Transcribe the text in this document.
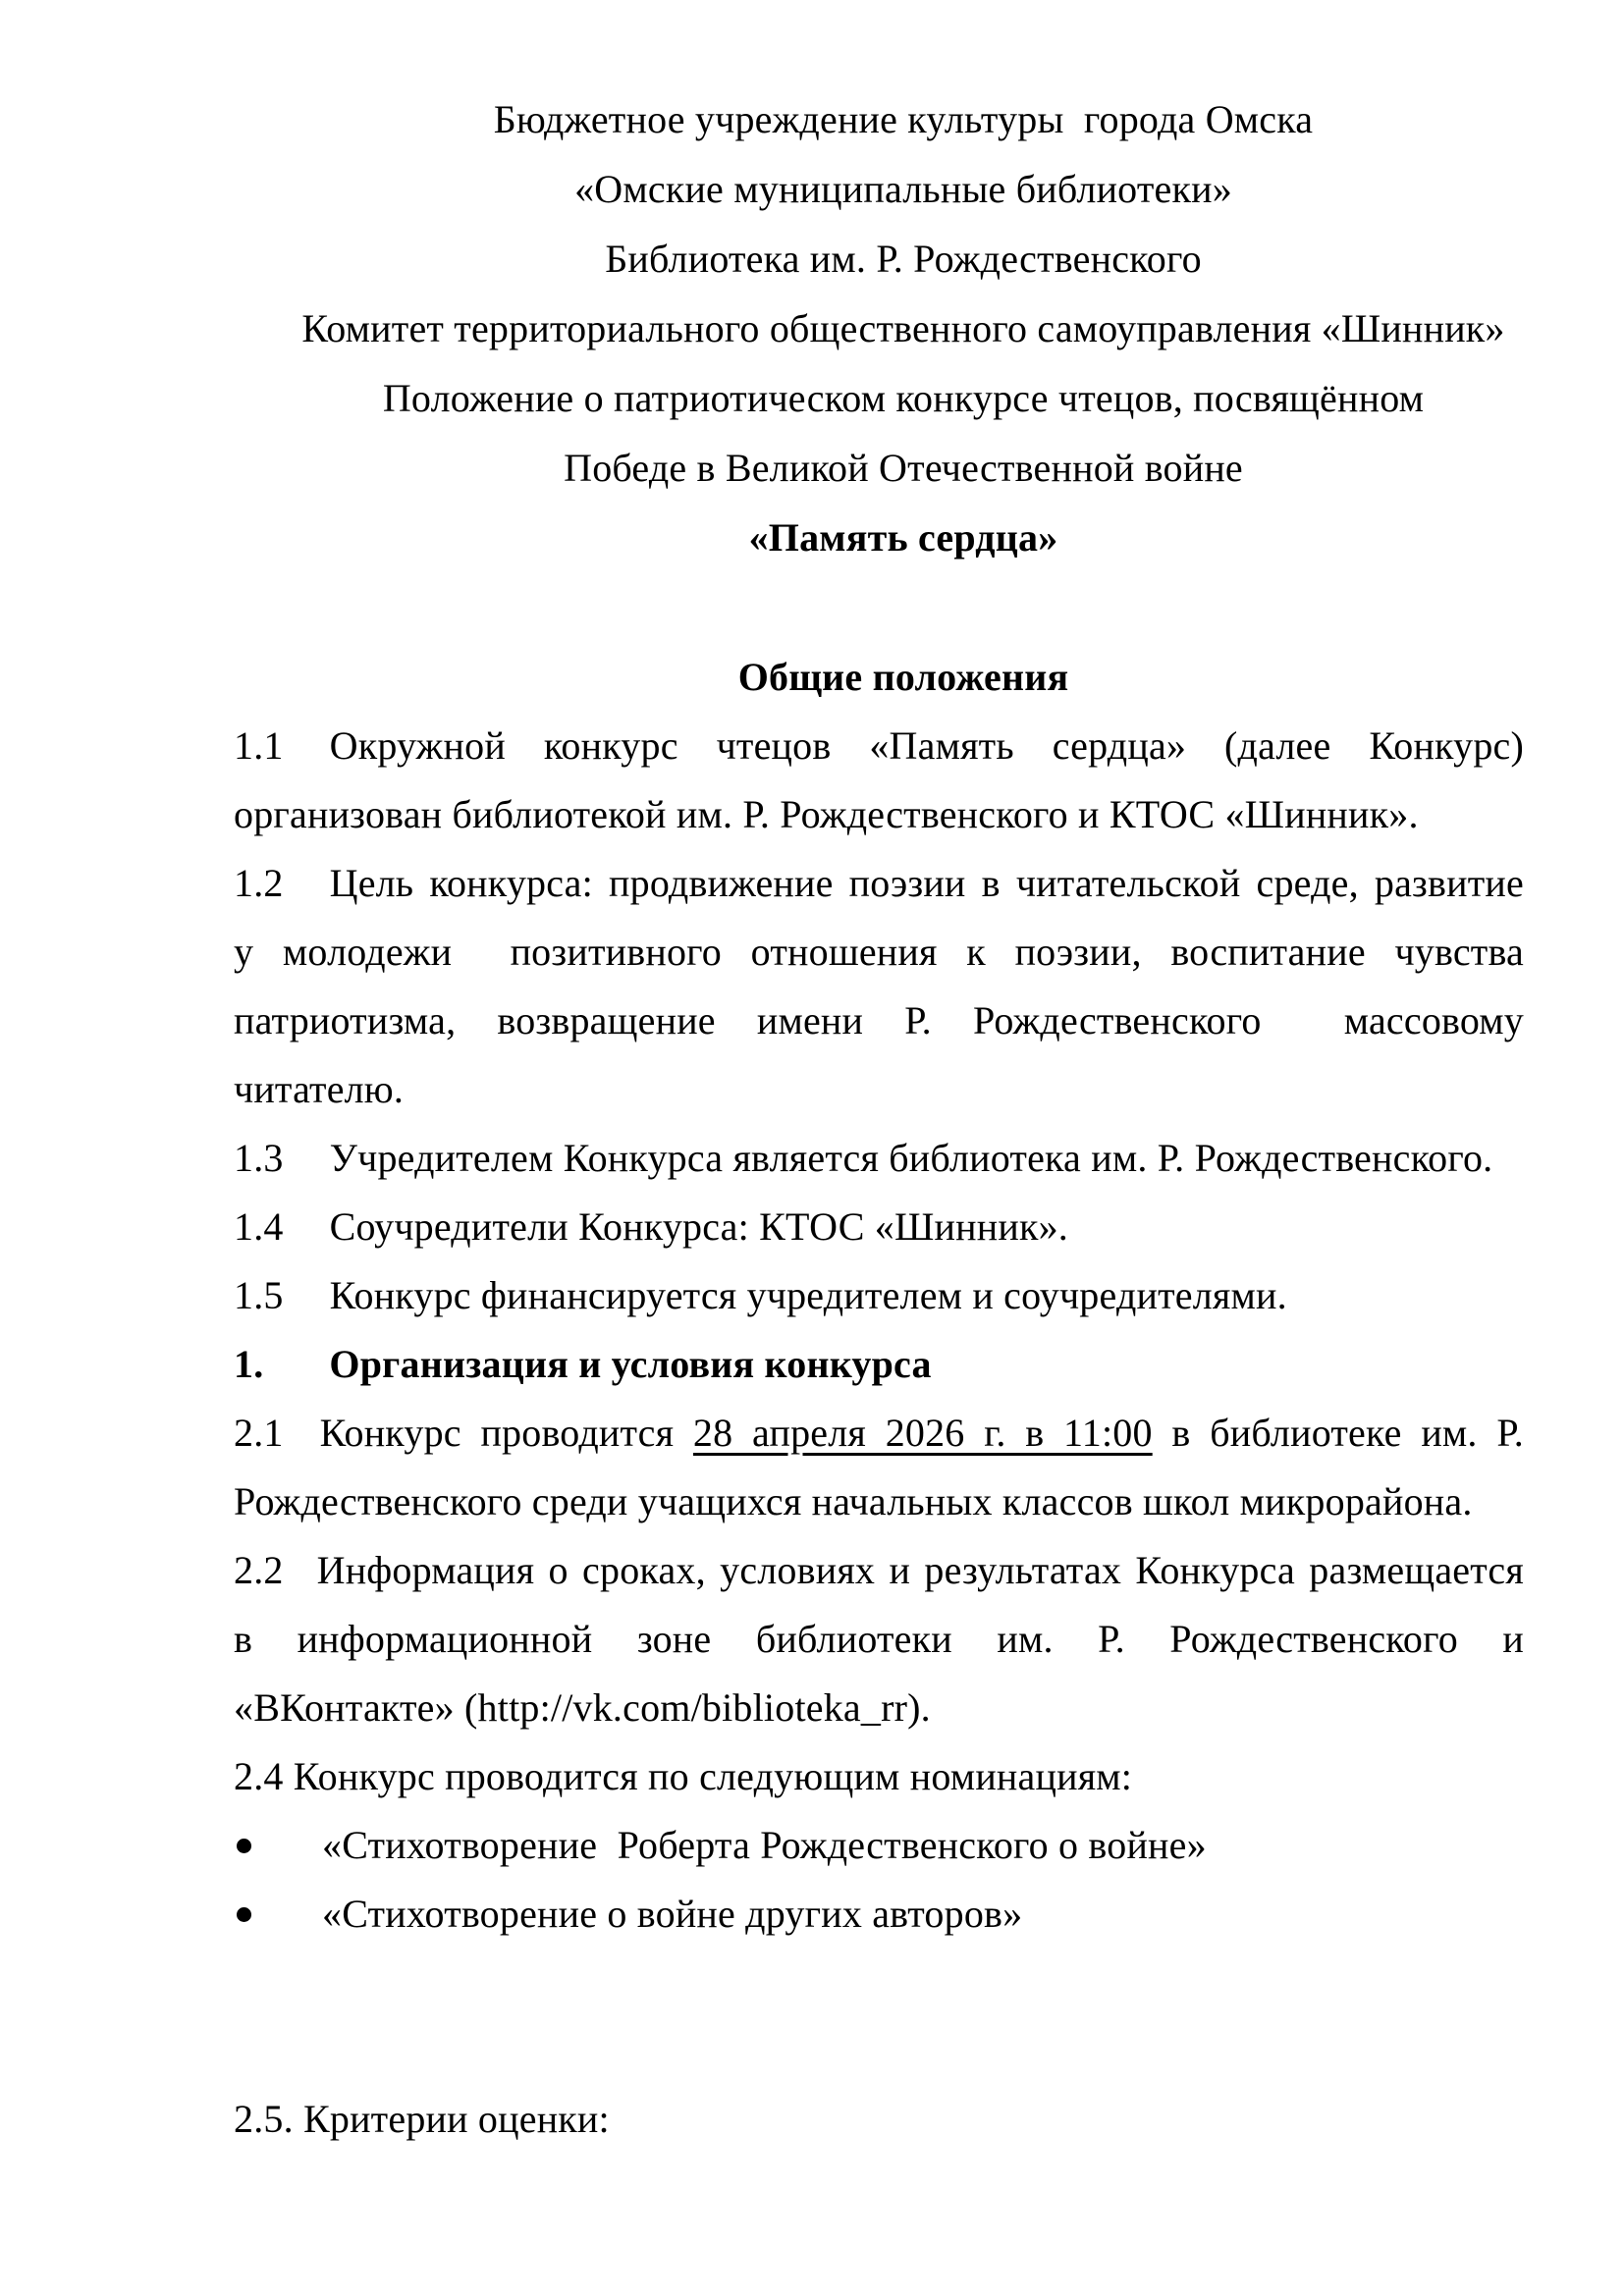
Бюджетное учреждение культуры  города Омска
«Омские муниципальные библиотеки»
Библиотека им. Р. Рождественского
Комитет территориального общественного самоуправления «Шинник»
Положение о патриотическом конкурсе чтецов, посвящённом
Победе в Великой Отечественной войне
«Память сердца»
Общие положения
1.1 Окружной конкурс чтецов «Память сердца» (далее Конкурс)
организован библиотекой им. Р. Рождественского и КТОС «Шинник».
1.2 Цель конкурса: продвижение поэзии в читательской среде, развитие
у молодежи  позитивного отношения к поэзии, воспитание чувства
патриотизма, возвращение имени Р. Рождественского  массовому
читателю.
1.3 Учредителем Конкурса является библиотека им. Р. Рождественского.
1.4 Соучредители Конкурса: КТОС «Шинник».
1.5 Конкурс финансируется учредителем и соучредителями.
1. Организация и условия конкурса
2.1 Конкурс проводится 28 апреля 2026 г. в 11:00 в библиотеке им. Р.
Рождественского среди учащихся начальных классов школ микрорайона.
2.2 Информация о сроках, условиях и результатах Конкурса размещается
в информационной зоне библиотеки им. Р. Рождественского и
«ВКонтакте» (http://vk.com/biblioteka_rr).
2.4 Конкурс проводится по следующим номинациям:
«Стихотворение  Роберта Рождественского о войне»
«Стихотворение о войне других авторов»
2.5. Критерии оценки:
